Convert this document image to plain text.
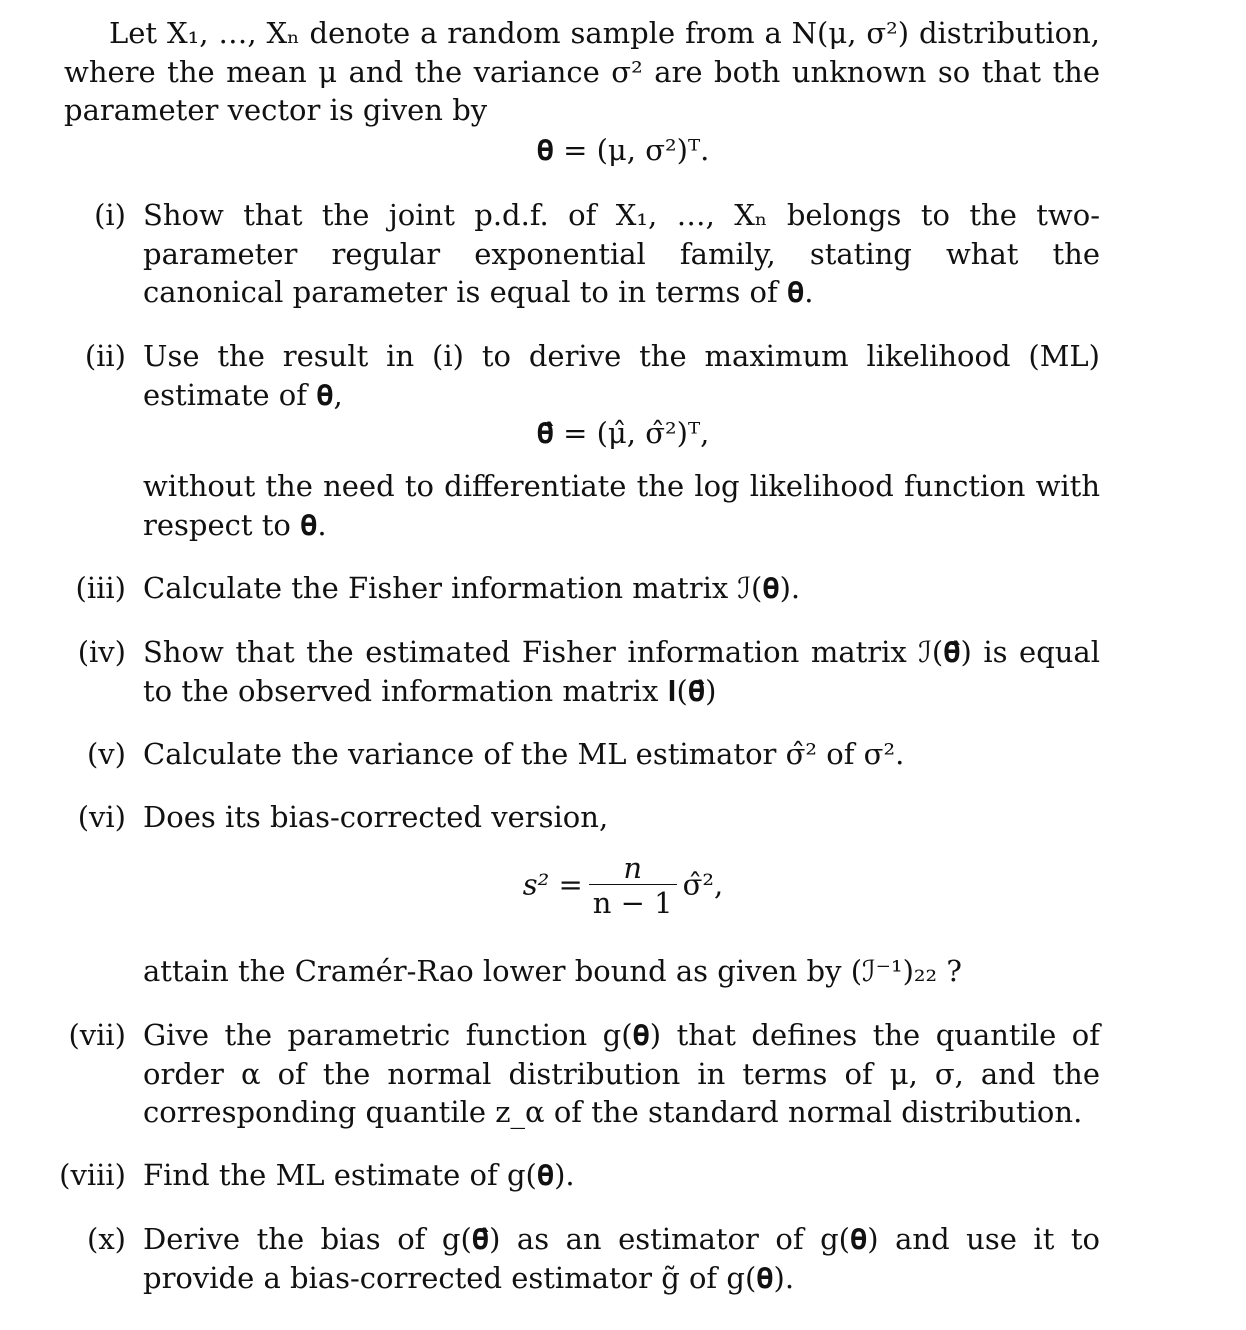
Let X₁, …, Xₙ denote a random sample from a N(μ, σ²) distribution, where the mean μ and the variance σ² are both unknown so that the parameter vector is given by

𝛉 = (μ, σ²)ᵀ.
(i) Show that the joint p.d.f. of X₁, …, Xₙ belongs to the two-parameter regular exponential family, stating what the canonical parameter is equal to in terms of 𝛉.
(ii) Use the result in (i) to derive the maximum likelihood (ML) estimate of 𝛉,
𝛉̂ = (μ̂, σ̂²)ᵀ,
without the need to differentiate the log likelihood function with respect to 𝛉.
(iii) Calculate the Fisher information matrix ℐ(𝛉).
(iv) Show that the estimated Fisher information matrix ℐ(𝛉̂) is equal to the observed information matrix 𝐈(𝛉̂)
(v) Calculate the variance of the ML estimator σ̂² of σ².
(vi) Does its bias-corrected version,
$s^2 = \frac{n}{n - 1}$ σ̂²,
attain the Cramér-Rao lower bound as given by (ℐ⁻¹)₂₂ ?
(vii) Give the parametric function g(𝛉) that defines the quantile of order α of the normal distribution in terms of μ, σ, and the corresponding quantile z_α of the standard normal distribution.
(viii) Find the ML estimate of g(𝛉).
(x) Derive the bias of g(𝛉̂) as an estimator of g(𝛉) and use it to provide a bias-corrected estimator g̃ of g(𝛉).
